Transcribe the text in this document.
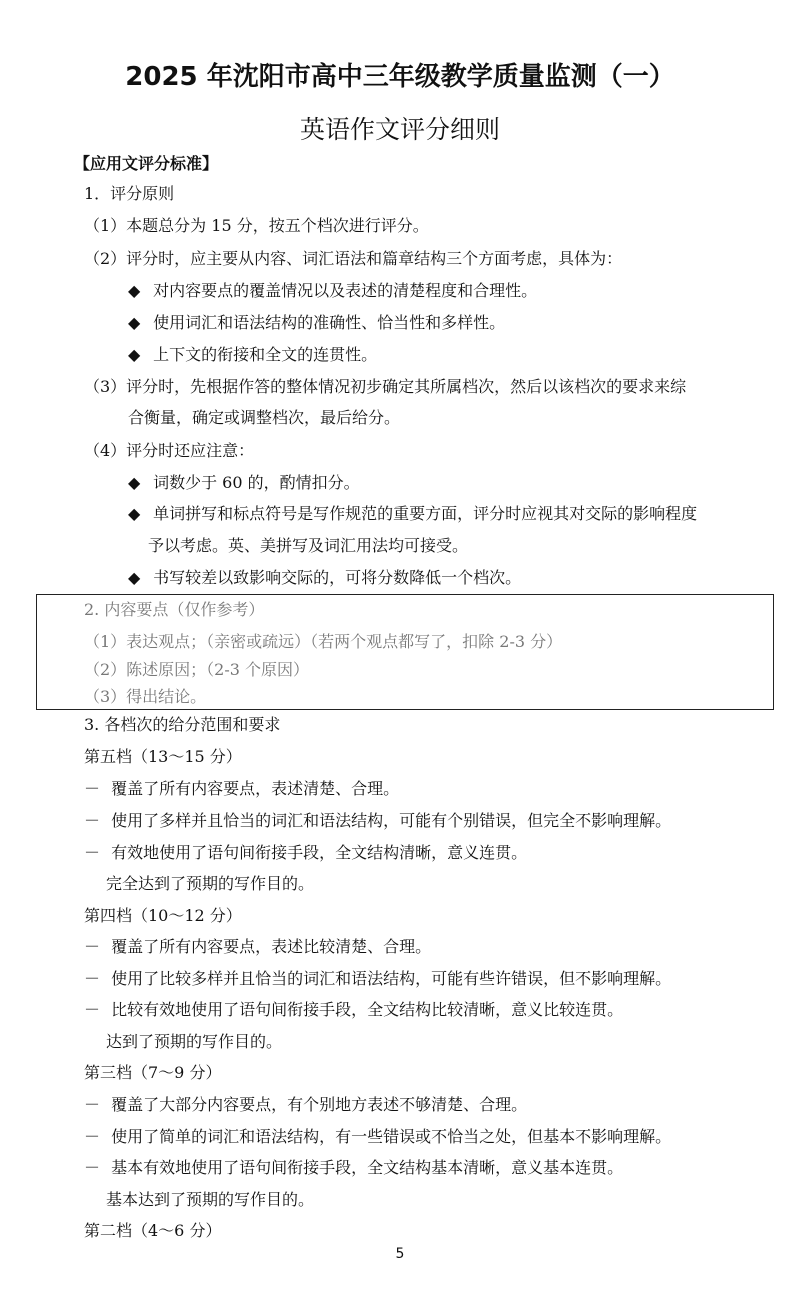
2025 年沈阳市高中三年级教学质量监测（一）
英语作文评分细则
【应用文评分标准】
1．评分原则
（1）本题总分为 15 分，按五个档次进行评分。
（2）评分时，应主要从内容、词汇语法和篇章结构三个方面考虑，具体为：
◆ 对内容要点的覆盖情况以及表述的清楚程度和合理性。
◆ 使用词汇和语法结构的准确性、恰当性和多样性。
◆ 上下文的衔接和全文的连贯性。
（3）评分时，先根据作答的整体情况初步确定其所属档次，然后以该档次的要求来综
合衡量，确定或调整档次，最后给分。
（4）评分时还应注意：
◆ 词数少于 60 的，酌情扣分。
◆ 单词拼写和标点符号是写作规范的重要方面，评分时应视其对交际的影响程度
予以考虑。英、美拼写及词汇用法均可接受。
◆ 书写较差以致影响交际的，可将分数降低一个档次。
2. 内容要点（仅作参考）
（1）表达观点；（亲密或疏远）（若两个观点都写了，扣除 2-3 分）
（2）陈述原因；（2-3 个原因）
（3）得出结论。
3. 各档次的给分范围和要求
第五档（13～15 分）
－ 覆盖了所有内容要点，表述清楚、合理。
－ 使用了多样并且恰当的词汇和语法结构，可能有个别错误，但完全不影响理解。
－ 有效地使用了语句间衔接手段，全文结构清晰，意义连贯。
完全达到了预期的写作目的。
第四档（10～12 分）
－ 覆盖了所有内容要点，表述比较清楚、合理。
－ 使用了比较多样并且恰当的词汇和语法结构，可能有些许错误，但不影响理解。
－ 比较有效地使用了语句间衔接手段，全文结构比较清晰，意义比较连贯。
达到了预期的写作目的。
第三档（7～9 分）
－ 覆盖了大部分内容要点，有个别地方表述不够清楚、合理。
－ 使用了简单的词汇和语法结构，有一些错误或不恰当之处，但基本不影响理解。
－ 基本有效地使用了语句间衔接手段，全文结构基本清晰，意义基本连贯。
基本达到了预期的写作目的。
第二档（4～6 分）
5
